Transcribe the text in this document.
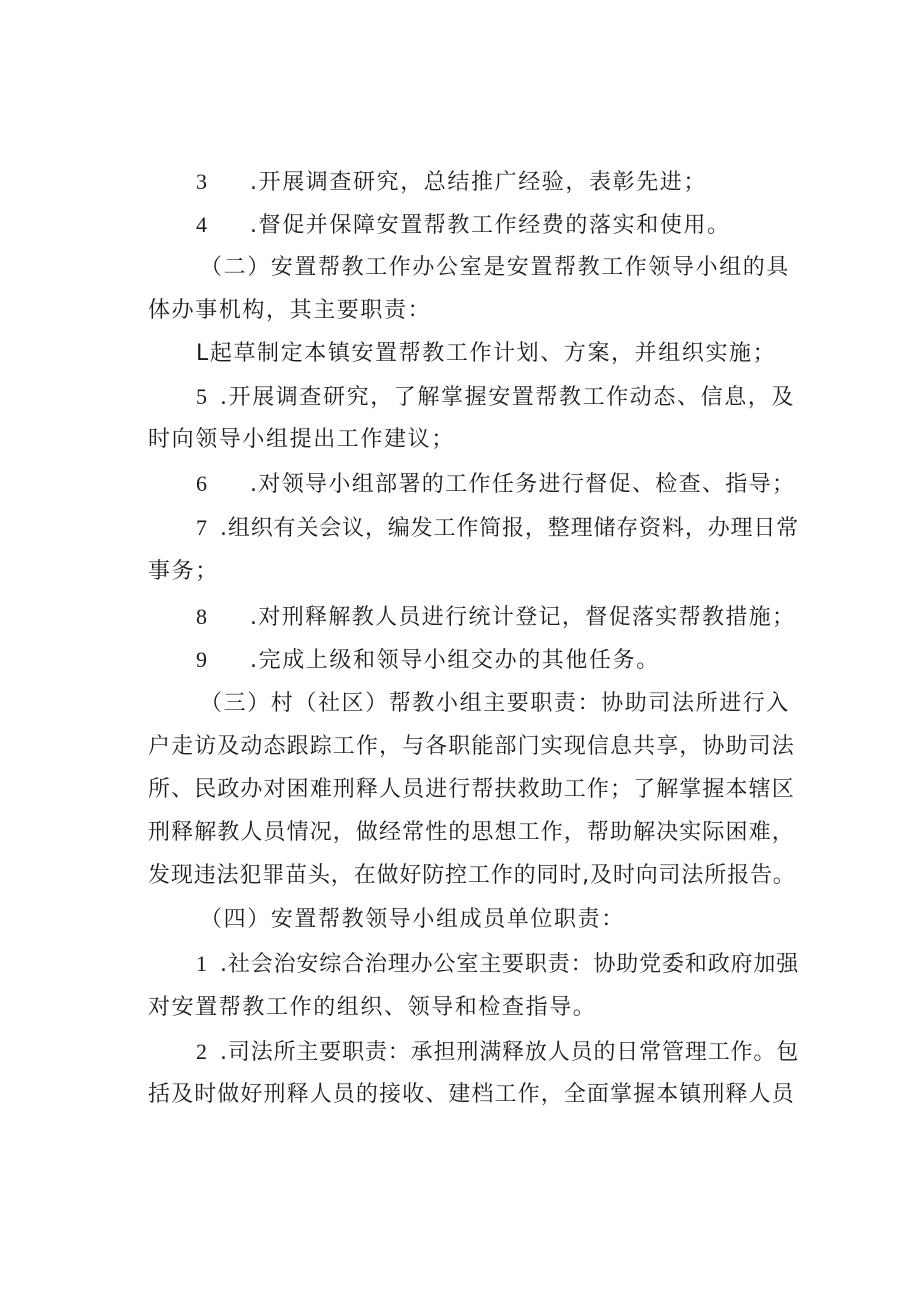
3 .开展调查研究，总结推广经验，表彰先进；
4 .督促并保障安置帮教工作经费的落实和使用。
（二）安置帮教工作办公室是安置帮教工作领导小组的具
体办事机构，其主要职责：
L起草制定本镇安置帮教工作计划、方案，并组织实施；
5 .开展调查研究，了解掌握安置帮教工作动态、信息，及
时向领导小组提出工作建议；
6 .对领导小组部署的工作任务进行督促、检查、指导；
7 .组织有关会议，编发工作简报，整理储存资料，办理日常
事务；
8 .对刑释解教人员进行统计登记，督促落实帮教措施；
9 .完成上级和领导小组交办的其他任务。
（三）村（社区）帮教小组主要职责：协助司法所进行入
户走访及动态跟踪工作，与各职能部门实现信息共享，协助司法
所、民政办对困难刑释人员进行帮扶救助工作；了解掌握本辖区
刑释解教人员情况，做经常性的思想工作，帮助解决实际困难，
发现违法犯罪苗头，在做好防控工作的同时,及时向司法所报告。
（四）安置帮教领导小组成员单位职责：
1 .社会治安综合治理办公室主要职责：协助党委和政府加强
对安置帮教工作的组织、领导和检查指导。
2 .司法所主要职责：承担刑满释放人员的日常管理工作。包
括及时做好刑释人员的接收、建档工作，全面掌握本镇刑释人员
